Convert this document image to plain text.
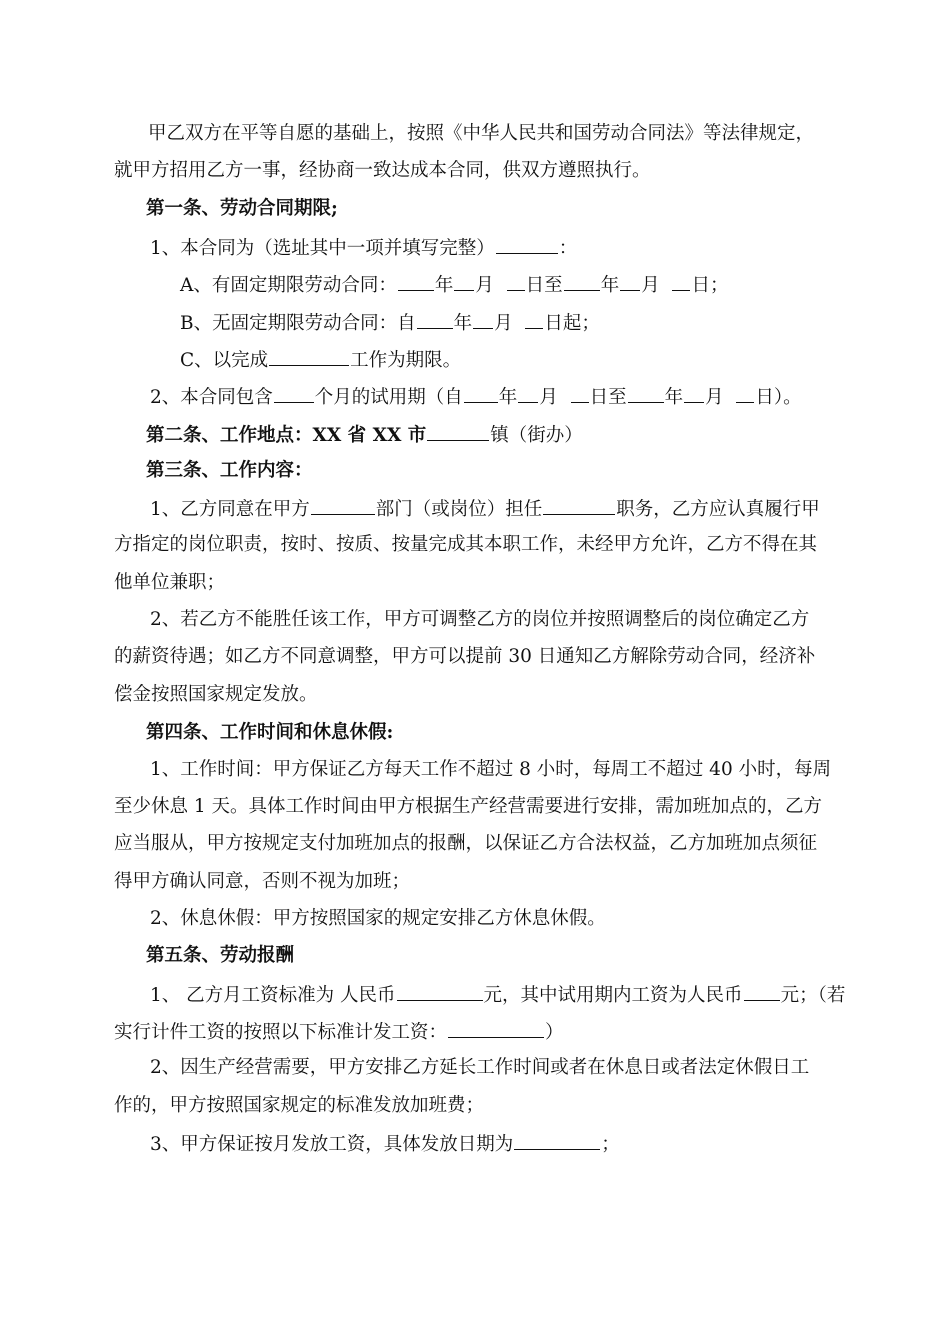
甲乙双方在平等自愿的基础上，按照《中华人民共和国劳动合同法》等法律规定，
就甲方招用乙方一事，经协商一致达成本合同，供双方遵照执行。
第一条、劳动合同期限;
1、本合同为（选址其中一项并填写完整）	：
A、有固定期限劳动合同： 年 月 日至 年 月 日；
B、无固定期限劳动合同：自 年 月 日起；
C、以完成	工作为期限。
2、本合同包含 个月的试用期（自 年 月 日至 年 月 日）。
第二条、工作地点：XX 省 XX 市	镇（街办）
第三条、工作内容：
1、乙方同意在甲方	部门（或岗位）担任	职务，乙方应认真履行甲
方指定的岗位职责，按时、按质、按量完成其本职工作，未经甲方允许，乙方不得在其
他单位兼职；
2、若乙方不能胜任该工作，甲方可调整乙方的岗位并按照调整后的岗位确定乙方
的薪资待遇；如乙方不同意调整，甲方可以提前 30 日通知乙方解除劳动合同，经济补
偿金按照国家规定发放。
第四条、工作时间和休息休假:
1、工作时间：甲方保证乙方每天工作不超过 8 小时，每周工不超过 40 小时，每周
至少休息 1 天。具体工作时间由甲方根据生产经营需要进行安排，需加班加点的，乙方
应当服从，甲方按规定支付加班加点的报酬，以保证乙方合法权益，乙方加班加点须征
得甲方确认同意，否则不视为加班；
2、休息休假：甲方按照国家的规定安排乙方休息休假。
第五条、劳动报酬
1、 乙方月工资标准为 人民币	元，其中试用期内工资为人民币 元；（若
实行计件工资的按照以下标准计发工资：	）
2、因生产经营需要，甲方安排乙方延长工作时间或者在休息日或者法定休假日工
作的，甲方按照国家规定的标准发放加班费；
3、甲方保证按月发放工资，具体发放日期为	；
